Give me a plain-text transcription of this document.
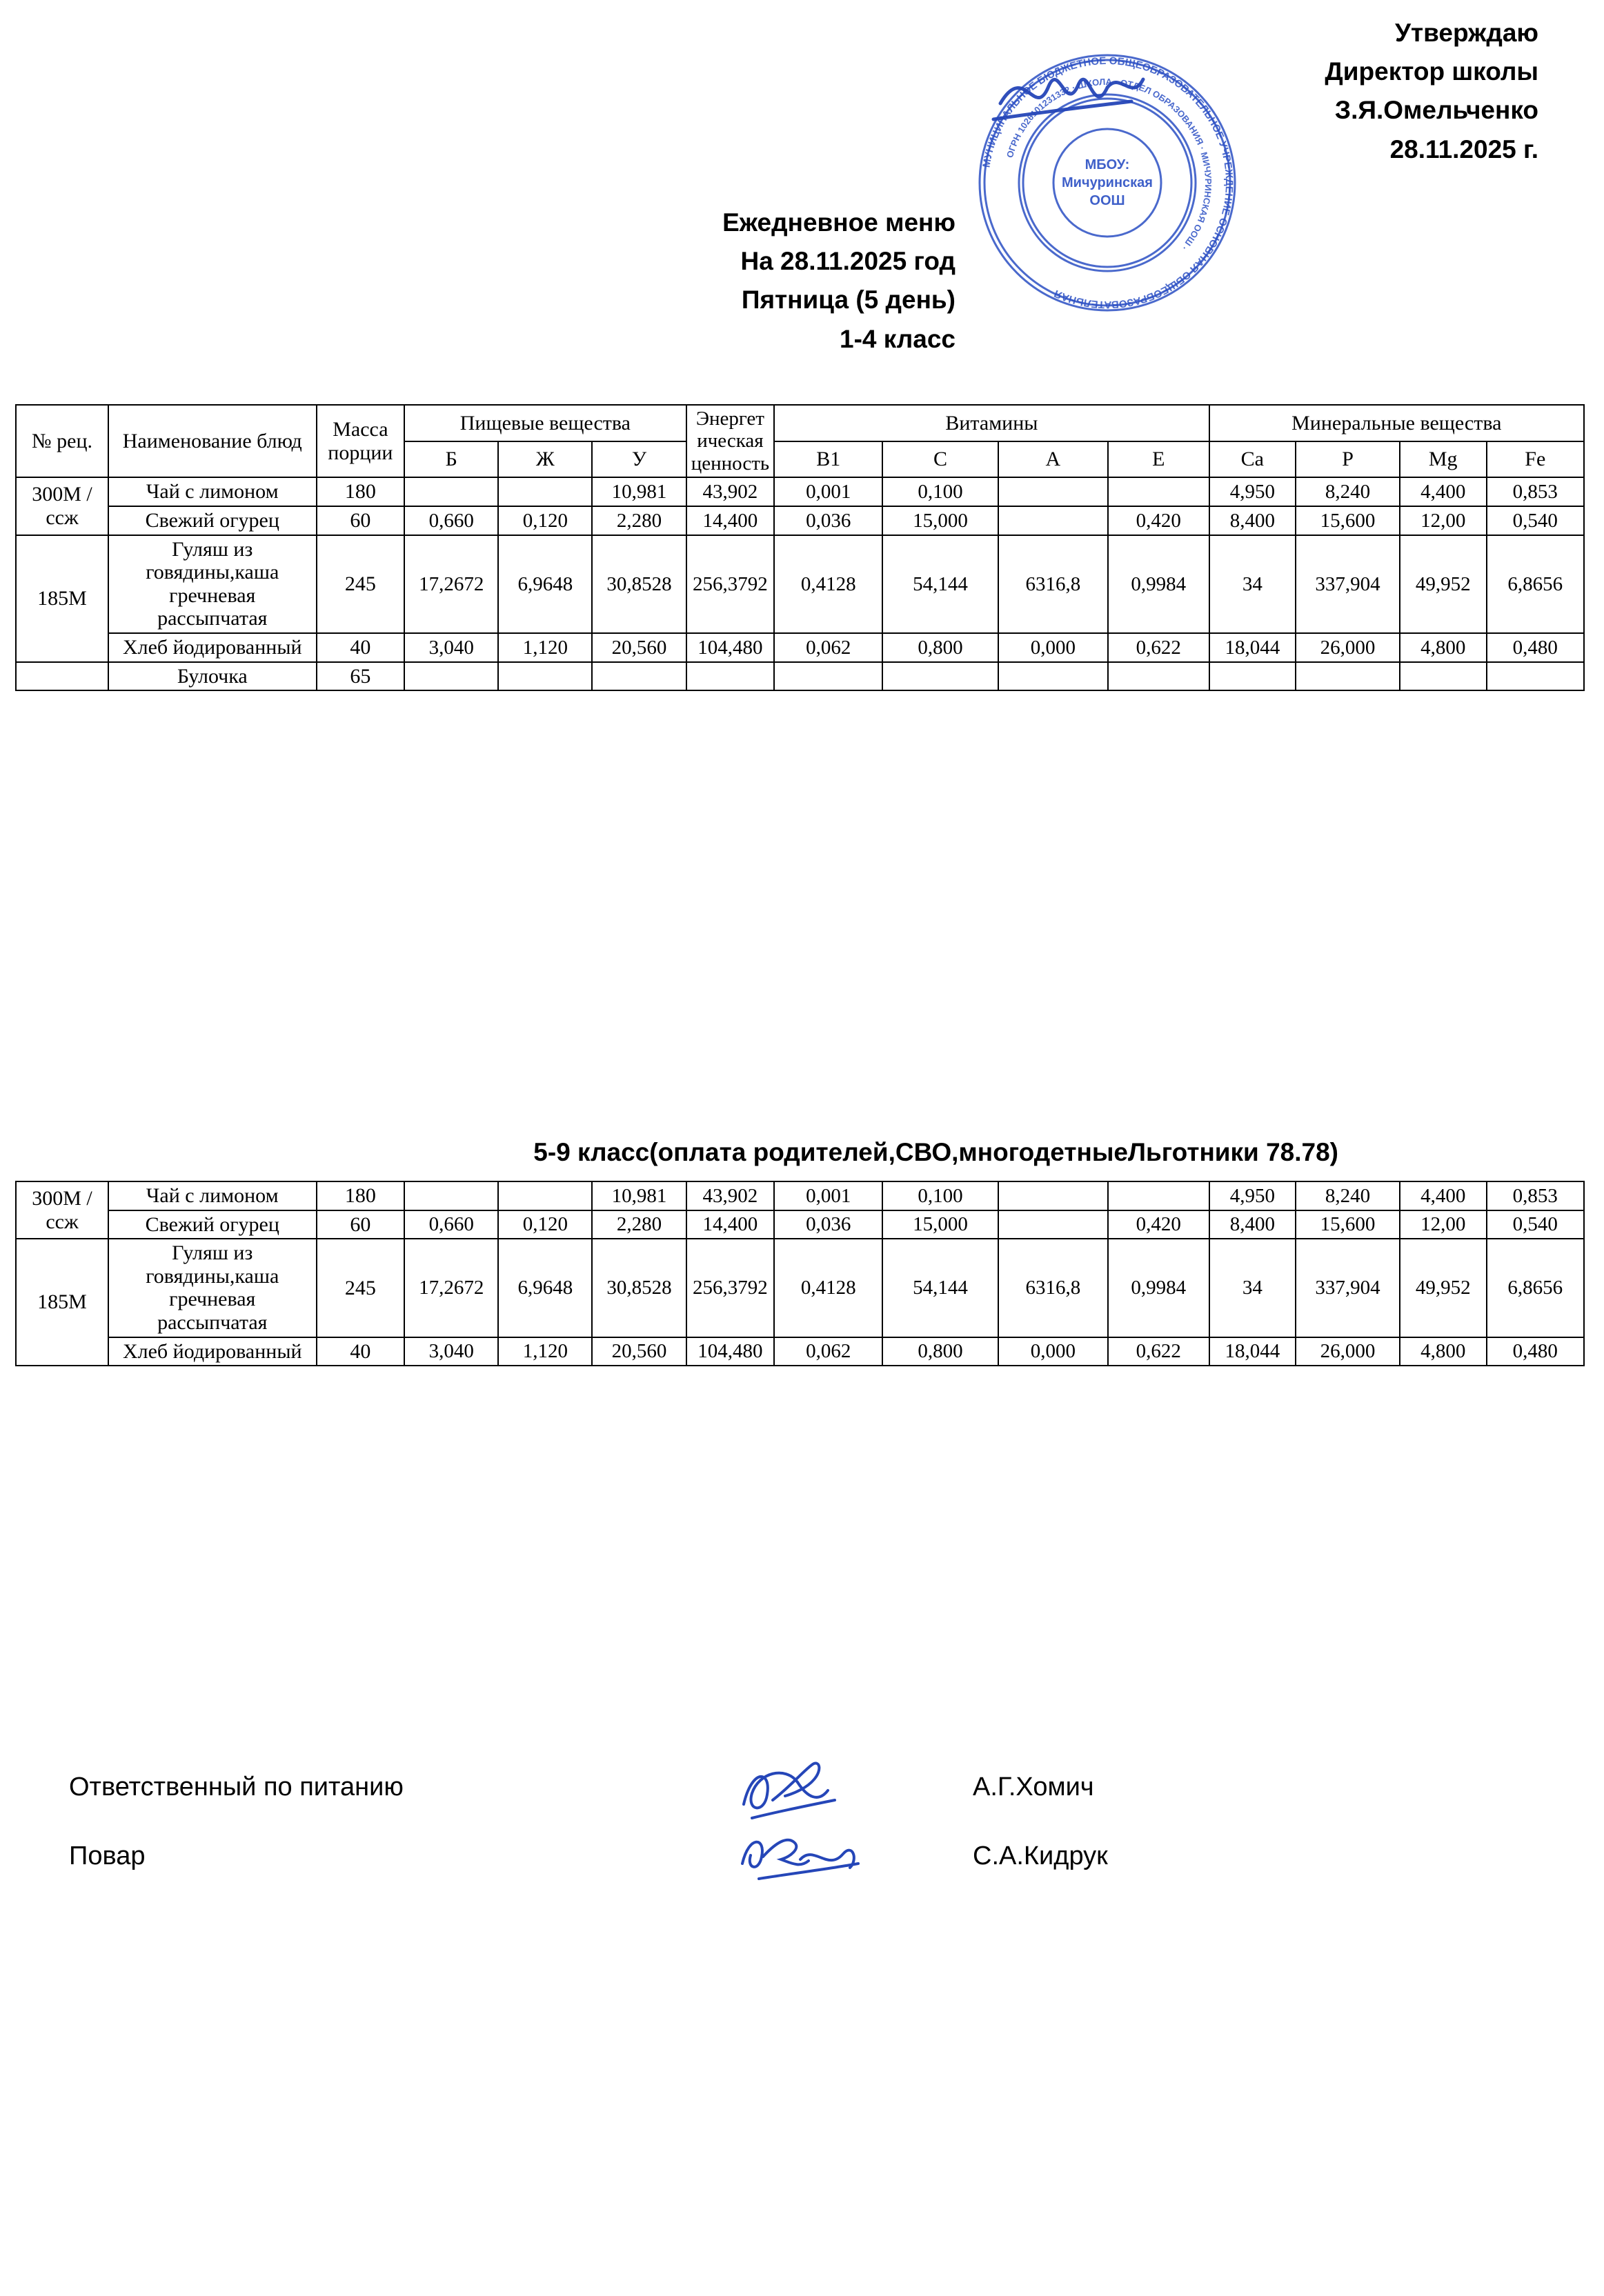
Утверждаю
Директор школы
З.Я.Омельченко
28.11.2025 г.
Ежедневное меню
На 28.11.2025 год
Пятница (5 день)
1-4 класс
МУНИЦИПАЛЬНОЕ БЮДЖЕТНОЕ ОБЩЕОБРАЗОВАТЕЛЬНОЕ УЧРЕЖДЕНИЕ ОСНОВНАЯ ОБЩЕОБРАЗОВАТЕЛЬНАЯ
ОГРН 1026101231332 · ШКОЛА · ОТДЕЛ ОБРАЗОВАНИЯ · МИЧУРИНСКАЯ ООШ ·
МБОУ:
Мичуринская
ООШ
№ рец.	Наименование блюд	Масса порции	Пищевые вещества			Энергетическая ценность	Витамины				Минеральные вещества			
			Б	Ж	У		В1	С	А	Е	Ca	P	Mg	Fe
300М /ссж	Чай с лимоном	180			10,981	43,902	0,001	0,100			4,950	8,240	4,400	0,853
	Свежий огурец	60	0,660	0,120	2,280	14,400	0,036	15,000		0,420	8,400	15,600	12,00	0,540
185М	Гуляш из говядины,каша гречневая рассыпчатая	245	17,2672	6,9648	30,8528	256,3792	0,4128	54,144	6316,8	0,9984	34	337,904	49,952	6,8656
	Хлеб йодированный	40	3,040	1,120	20,560	104,480	0,062	0,800	0,000	0,622	18,044	26,000	4,800	0,480
	Булочка	65												
5-9 класс(оплата родителей,СВО,многодетныеЛьготники 78.78)
300М /ссж	Чай с лимоном	180			10,981	43,902	0,001	0,100			4,950	8,240	4,400	0,853
	Свежий огурец	60	0,660	0,120	2,280	14,400	0,036	15,000		0,420	8,400	15,600	12,00	0,540
185М	Гуляш из говядины,каша гречневая рассыпчатая	245	17,2672	6,9648	30,8528	256,3792	0,4128	54,144	6316,8	0,9984	34	337,904	49,952	6,8656
	Хлеб йодированный	40	3,040	1,120	20,560	104,480	0,062	0,800	0,000	0,622	18,044	26,000	4,800	0,480
Ответственный по питанию	А.Г.Хомич
Повар	С.А.Кидрук
